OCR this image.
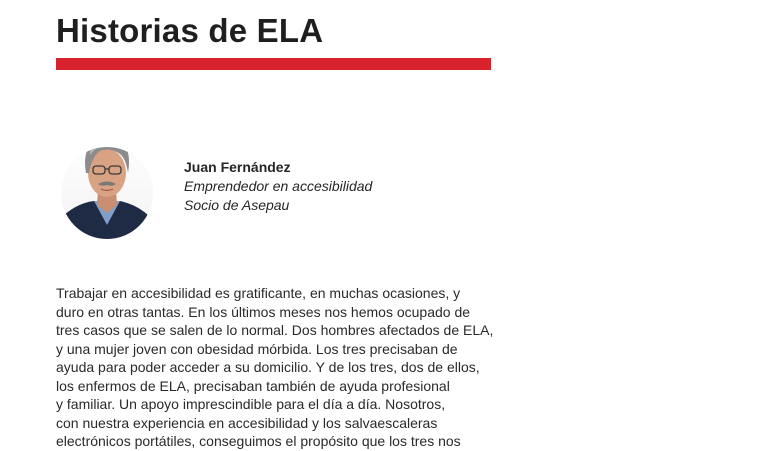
Historias de ELA
Juan Fernández
Emprendedor en accesibilidad
Socio de Asepau

Trabajar en accesibilidad es gratificante, en muchas ocasiones, y
duro en otras tantas. En los últimos meses nos hemos ocupado de
tres casos que se salen de lo normal. Dos hombres afectados de ELA,
y una mujer joven con obesidad mórbida. Los tres precisaban de
ayuda para poder acceder a su domicilio. Y de los tres, dos de ellos,
los enfermos de ELA, precisaban también de ayuda profesional
y familiar. Un apoyo imprescindible para el día a día. Nosotros,
con nuestra experiencia en accesibilidad y los salvaescaleras
electrónicos portátiles, conseguimos el propósito que los tres nos
